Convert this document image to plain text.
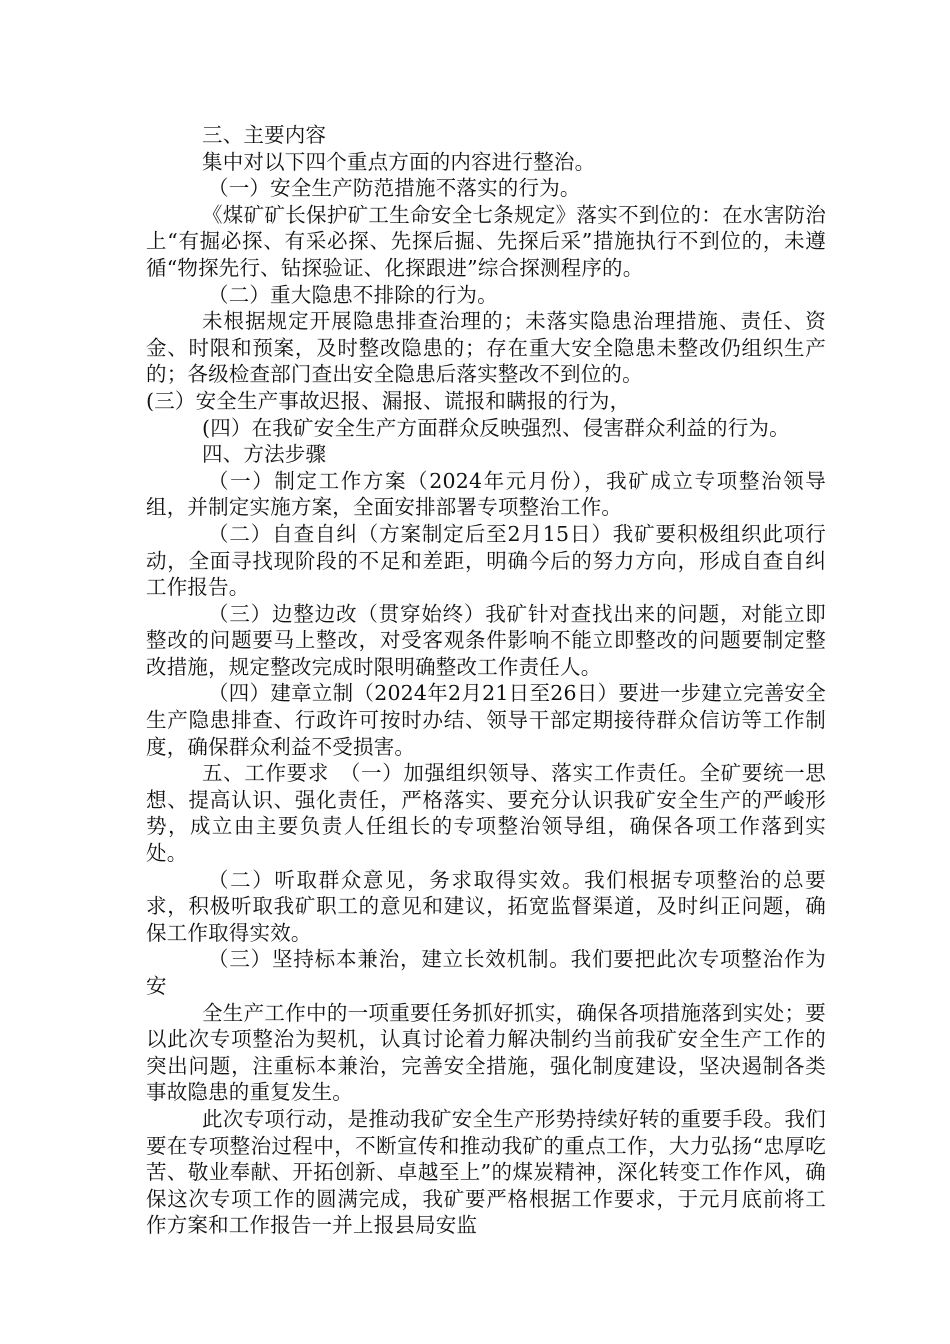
三、主要内容

集中对以下四个重点方面的内容进行整治。

（一）安全生产防范措施不落实的行为。

《煤矿矿长保护矿工生命安全七条规定》落实不到位的：在水害防治上“有掘必探、有采必探、先探后掘、先探后采”措施执行不到位的，未遵循“物探先行、钻探验证、化探跟进”综合探测程序的。

（二）重大隐患不排除的行为。

未根据规定开展隐患排查治理的；未落实隐患治理措施、责任、资金、时限和预案，及时整改隐患的；存在重大安全隐患未整改仍组织生产的；各级检查部门查出安全隐患后落实整改不到位的。

(三）安全生产事故迟报、漏报、谎报和瞒报的行为，

(四）在我矿安全生产方面群众反映强烈、侵害群众利益的行为。

四、方法步骤

（一）制定工作方案（2024年元月份），我矿成立专项整治领导组，并制定实施方案，全面安排部署专项整治工作。

（二）自查自纠（方案制定后至2月15日）我矿要积极组织此项行动，全面寻找现阶段的不足和差距，明确今后的努力方向，形成自查自纠工作报告。

（三）边整边改（贯穿始终）我矿针对查找出来的问题，对能立即整改的问题要马上整改，对受客观条件影响不能立即整改的问题要制定整改措施，规定整改完成时限明确整改工作责任人。

（四）建章立制（2024年2月21日至26日）要进一步建立完善安全生产隐患排查、行政许可按时办结、领导干部定期接待群众信访等工作制度，确保群众利益不受损害。

五、工作要求　（一）加强组织领导、落实工作责任。全矿要统一思想、提高认识、强化责任，严格落实、要充分认识我矿安全生产的严峻形势，成立由主要负责人任组长的专项整治领导组，确保各项工作落到实处。

（二）听取群众意见，务求取得实效。我们根据专项整治的总要求，积极听取我矿职工的意见和建议，拓宽监督渠道，及时纠正问题，确保工作取得实效。

（三）坚持标本兼治，建立长效机制。我们要把此次专项整治作为安

全生产工作中的一项重要任务抓好抓实，确保各项措施落到实处；要以此次专项整治为契机，认真讨论着力解决制约当前我矿安全生产工作的突出问题，注重标本兼治，完善安全措施，强化制度建设，坚决遏制各类事故隐患的重复发生。

此次专项行动，是推动我矿安全生产形势持续好转的重要手段。我们要在专项整治过程中，不断宣传和推动我矿的重点工作，大力弘扬“忠厚吃苦、敬业奉献、开拓创新、卓越至上”的煤炭精神，深化转变工作作风，确保这次专项工作的圆满完成，我矿要严格根据工作要求，于元月底前将工作方案和工作报告一并上报县局安监
